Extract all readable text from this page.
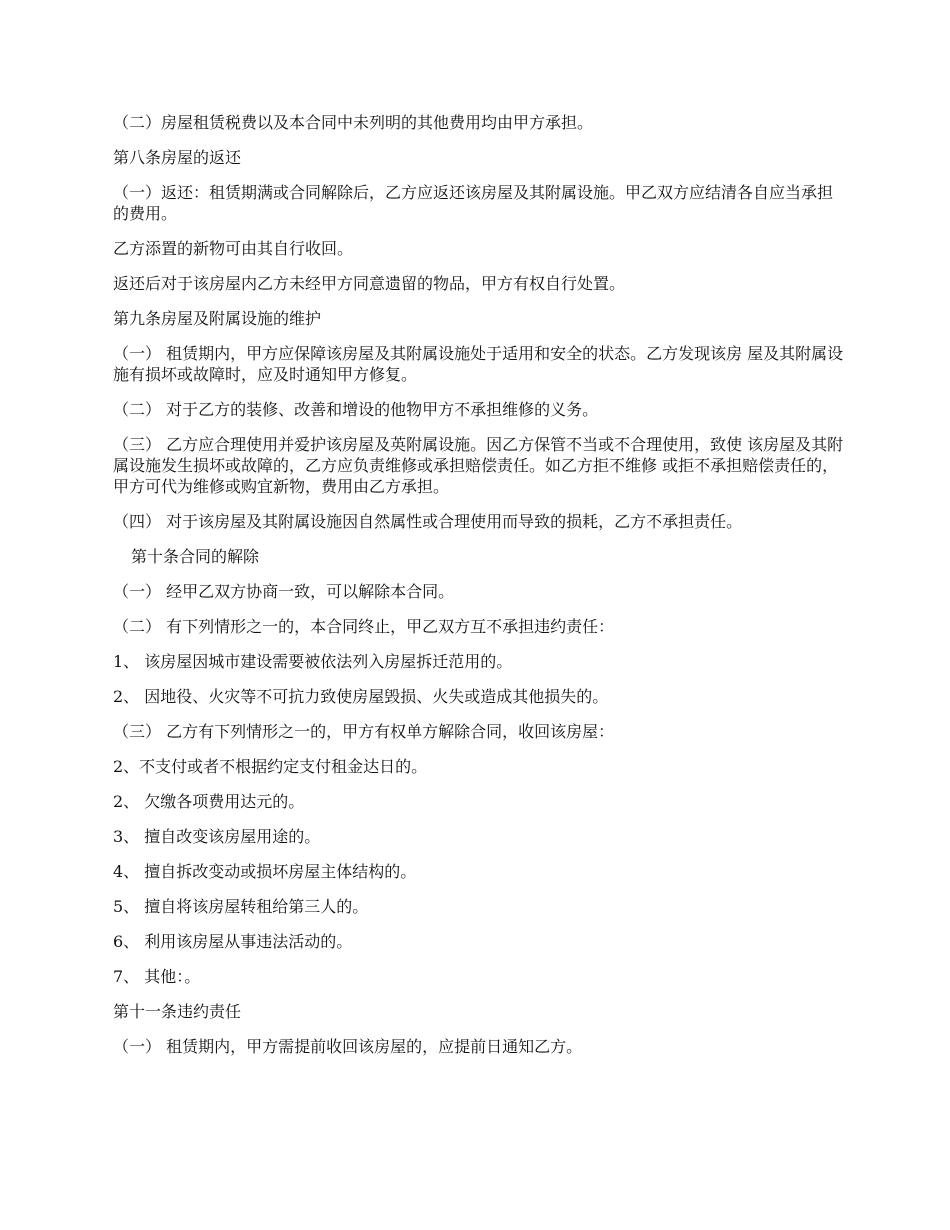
（二）房屋租赁税费以及本合同中未列明的其他费用均由甲方承担。

第八条房屋的返还

（一）返还：租赁期满或合同解除后，乙方应返还该房屋及其附属设施。甲乙双方应结清各自应当承担的费用。

乙方添置的新物可由其自行收回。

返还后对于该房屋内乙方未经甲方同意遗留的物品，甲方有权自行处置。

第九条房屋及附属设施的维护

（一） 租赁期内，甲方应保障该房屋及其附属设施处于适用和安全的状态。乙方发现该房 屋及其附属设施有损坏或故障时，应及时通知甲方修复。

（二） 对于乙方的装修、改善和增设的他物甲方不承担维修的义务。

（三） 乙方应合理使用并爱护该房屋及英附属设施。因乙方保管不当或不合理使用，致使 该房屋及其附属设施发生损坏或故障的，乙方应负责维修或承担赔偿责任。如乙方拒不维修 或拒不承担赔偿责任的，甲方可代为维修或购宜新物，费用由乙方承担。

（四） 对于该房屋及其附属设施因自然属性或合理使用而导致的损耗，乙方不承担责任。

第十条合同的解除

（一） 经甲乙双方协商一致，可以解除本合同。

（二） 有下列情形之一的，本合同终止，甲乙双方互不承担违约责任：

1、 该房屋因城市建设需要被依法列入房屋拆迁范用的。

2、 因地役、火灾等不可抗力致使房屋毁损、火失或造成其他损失的。

（三） 乙方有下列情形之一的，甲方有权单方解除合同，收回该房屋：

2、不支付或者不根据约定支付租金达日的。

2、 欠缴各项费用达元的。

3、 擅自改变该房屋用途的。

4、 擅自拆改变动或损坏房屋主体结构的。

5、 擅自将该房屋转租给第三人的。

6、 利用该房屋从事违法活动的。

7、 其他：。

第十一条违约责任

（一） 租赁期内，甲方需提前收回该房屋的，应提前日通知乙方。
